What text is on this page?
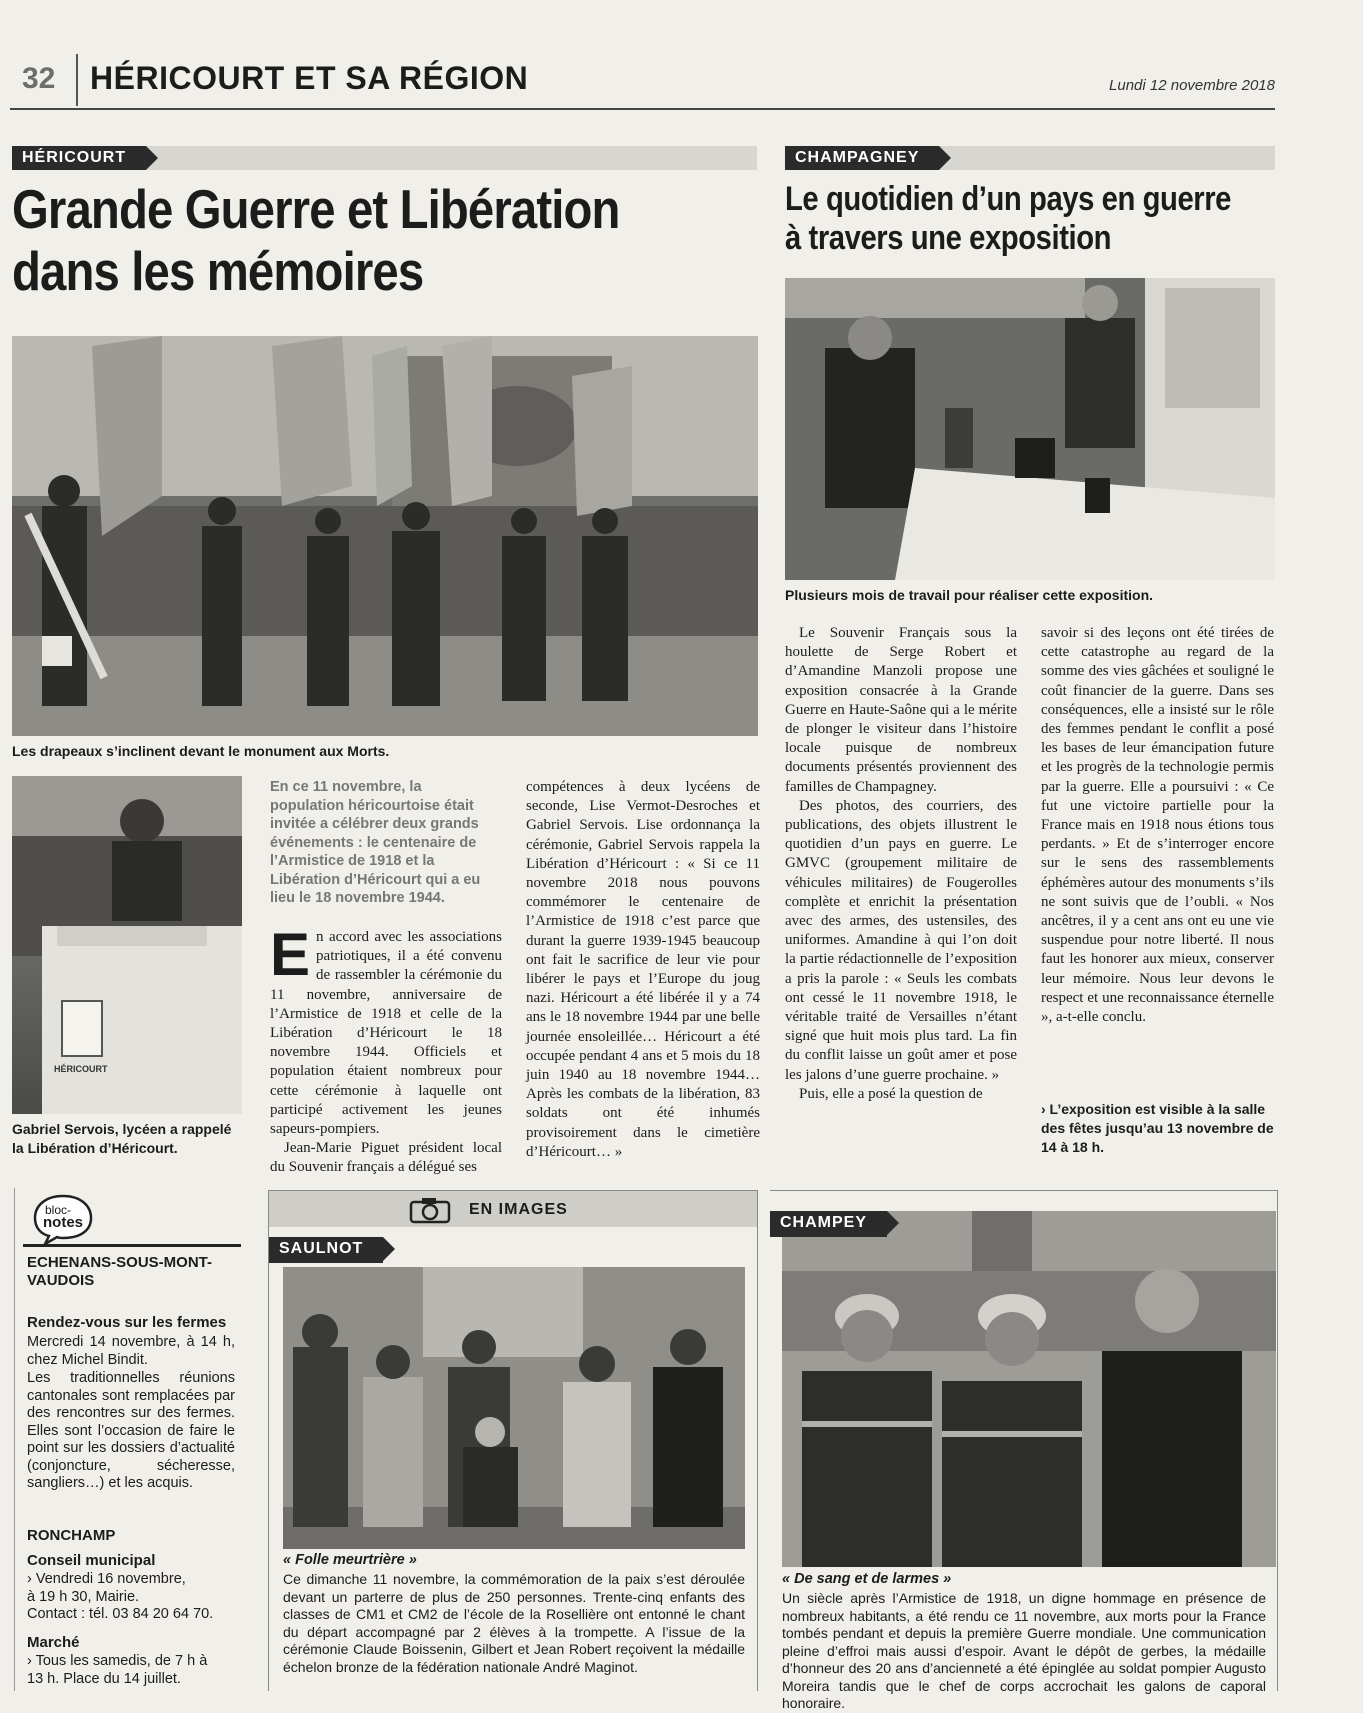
32 HÉRICOURT ET SA RÉGION	Lundi 12 novembre 2018
HÉRICOURT
Grande Guerre et Libération
dans les mémoires
Les drapeaux s’inclinent devant le monument aux Morts.
HÉRICOURT
Gabriel Servois, lycéen a rappelé
la Libération d’Héricourt.
En ce 11 novembre, la population héricourtoise était invitée a célébrer deux grands événements : le centenaire de l’Armistice de 1918 et la Libération d’Héricourt qui a eu lieu le 18 novembre 1944.
E n accord avec les associations patriotiques, il a été convenu de rassembler la cérémonie du 11 novembre, anniversaire de l’Armistice de 1918 et celle de la Libération d’Héricourt le 18 novembre 1944. Officiels et population étaient nombreux pour cette cérémonie à laquelle ont participé activement les jeunes sapeurs-pompiers.

Jean-Marie Piguet président local du Souvenir français a délégué ses

compétences à deux lycéens de seconde, Lise Vermot-Desroches et Gabriel Servois. Lise ordonnança la cérémonie, Gabriel Servois rappela la Libération d’Héricourt : « Si ce 11 novembre 2018 nous pouvons commémorer le centenaire de l’Armistice de 1918 c’est parce que durant la guerre 1939-1945 beaucoup ont fait le sacrifice de leur vie pour libérer le pays et l’Europe du joug nazi. Héricourt a été libérée il y a 74 ans le 18 novembre 1944 par une belle journée ensoleillée… Héricourt a été occupée pendant 4 ans et 5 mois du 18 juin 1940 au 18 novembre 1944… Après les combats de la libération, 83 soldats ont été inhumés provisoirement dans le cimetière d’Héricourt… »

CHAMPAGNEY
Le quotidien d’un pays en guerre
à travers une exposition
Plusieurs mois de travail pour réaliser cette exposition.

Le Souvenir Français sous la houlette de Serge Robert et d’Amandine Manzoli propose une exposition consacrée à la Grande Guerre en Haute-Saône qui a le mérite de plonger le visiteur dans l’histoire locale puisque de nombreux documents présentés proviennent des familles de Champagney.

Des photos, des courriers, des publications, des objets illustrent le quotidien d’un pays en guerre. Le GMVC (groupement militaire de véhicules militaires) de Fougerolles complète et enrichit la présentation avec des armes, des ustensiles, des uniformes. Amandine à qui l’on doit la partie rédactionnelle de l’exposition a pris la parole : « Seuls les combats ont cessé le 11 novembre 1918, le véritable traité de Versailles n’étant signé que huit mois plus tard. La fin du conflit laisse un goût amer et pose les jalons d’une guerre prochaine. »

Puis, elle a posé la question de

savoir si des leçons ont été tirées de cette catastrophe au regard de la somme des vies gâchées et souligné le coût financier de la guerre. Dans ses conséquences, elle a insisté sur le rôle des femmes pendant le conflit a posé les bases de leur émancipation future et les progrès de la technologie permis par la guerre. Elle a poursuivi : « Ce fut une victoire partielle pour la France mais en 1918 nous étions tous perdants. » Et de s’interroger encore sur le sens des rassemblements éphémères autour des monuments s’ils ne sont suivis que de l’oubli. « Nos ancêtres, il y a cent ans ont eu une vie suspendue pour notre liberté. Il nous faut les honorer aux mieux, conserver leur mémoire. Nous leur devons le respect et une reconnaissance éternelle », a-t-elle conclu.

› L’exposition est visible à la salle des fêtes jusqu’au 13 novembre de 14 à 18 h.
bloc-
notes
ECHENANS-SOUS-MONT-
VAUDOIS
Rendez-vous sur les fermes
Mercredi 14 novembre, à 14 h, chez Michel Bindit.
Les traditionnelles réunions cantonales sont remplacées par des rencontres sur des fermes. Elles sont l’occasion de faire le point sur les dossiers d’actualité (conjoncture, sécheresse, sangliers…) et les acquis.
RONCHAMP
Conseil municipal
› Vendredi 16 novembre,
à 19 h 30, Mairie.
Contact : tél. 03 84 20 64 70.
Marché
› Tous les samedis, de 7 h à
13 h. Place du 14 juillet.
EN IMAGES
SAULNOT
« Folle meurtrière »
Ce dimanche 11 novembre, la commémoration de la paix s’est déroulée devant un parterre de plus de 250 personnes. Trente-cinq enfants des classes de CM1 et CM2 de l’école de la Rosellière ont entonné le chant du départ accompagné par 2 élèves à la trompette. A l’issue de la cérémonie Claude Boissenin, Gilbert et Jean Robert reçoivent la médaille échelon bronze de la fédération nationale André Maginot.
CHAMPEY
« De sang et de larmes »
Un siècle après l’Armistice de 1918, un digne hommage en présence de nombreux habitants, a été rendu ce 11 novembre, aux morts pour la France tombés pendant et depuis la première Guerre mondiale. Une communication pleine d’effroi mais aussi d’espoir. Avant le dépôt de gerbes, la médaille d’honneur des 20 ans d’ancienneté a été épinglée au soldat pompier Augusto Moreira tandis que le chef de corps accrochait les galons de caporal honoraire.
